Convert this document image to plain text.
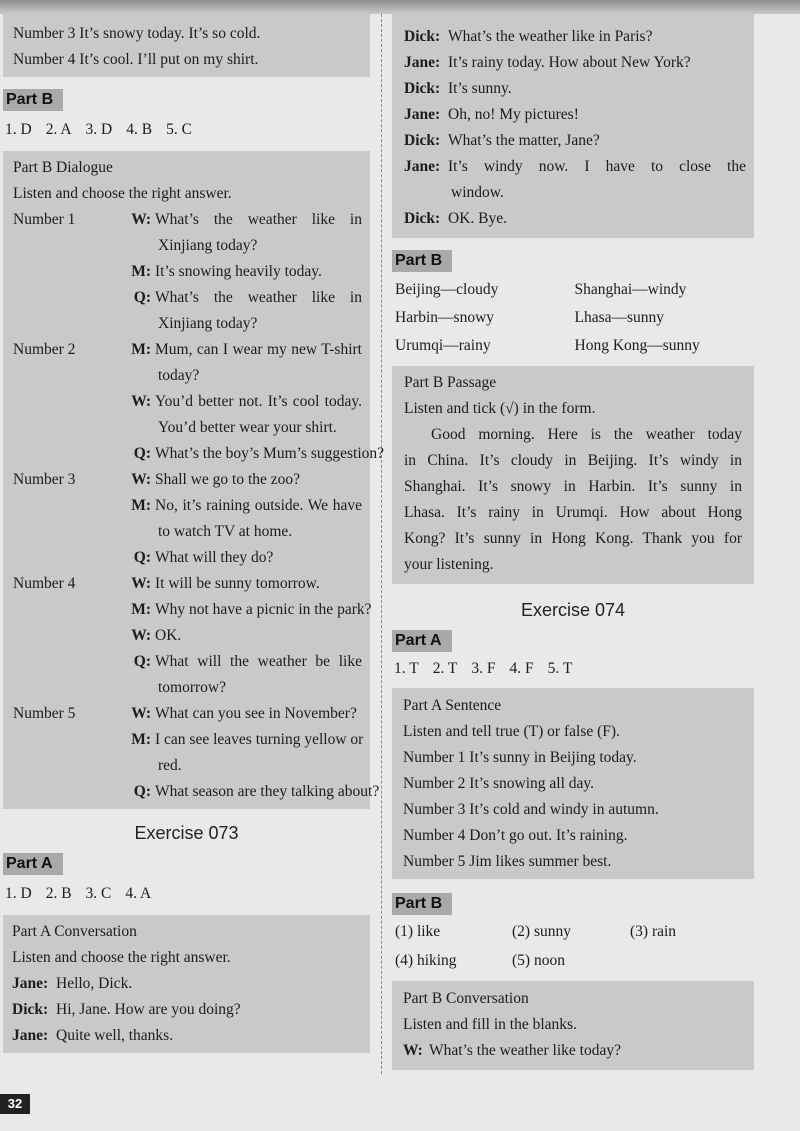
Number 3 It’s snowy today. It’s so cold.
Number 4 It’s cool. I’ll put on my shirt.
Part B
1. D 2. A 3. D 4. B 5. C
Part B Dialogue
Listen and choose the right answer.
Number 1	W: What’s the weather like in
Xinjiang today?
M: It’s snowing heavily today.
Q: What’s the weather like in
Xinjiang today?
Number 2	M: Mum, can I wear my new T-shirt
today?
W: You’d better not. It’s cool today.
You’d better wear your shirt.
Q: What’s the boy’s Mum’s suggestion?
Number 3	W: Shall we go to the zoo?
M: No, it’s raining outside. We have
to watch TV at home.
Q: What will they do?
Number 4	W: It will be sunny tomorrow.
M: Why not have a picnic in the park?
W: OK.
Q: What will the weather be like
tomorrow?
Number 5	W: What can you see in November?
M: I can see leaves turning yellow or
red.
Q: What season are they talking about?
Exercise 073
Part A
1. D 2. B 3. C 4. A
Part A Conversation
Listen and choose the right answer.
Jane: Hello, Dick.
Dick: Hi, Jane. How are you doing?
Jane: Quite well, thanks.
Dick: What’s the weather like in Paris?
Jane: It’s rainy today. How about New York?
Dick: It’s sunny.
Jane: Oh, no! My pictures!
Dick: What’s the matter, Jane?
Jane: It’s windy now. I have to close the
window.
Dick: OK. Bye.
Part B
Beijing—cloudy	Shanghai—windy
Harbin—snowy	Lhasa—sunny
Urumqi—rainy	Hong Kong—sunny
Part B Passage
Listen and tick (√) in the form.
Good morning. Here is the weather today
in China. It’s cloudy in Beijing. It’s windy in
Shanghai. It’s snowy in Harbin. It’s sunny in
Lhasa. It’s rainy in Urumqi. How about Hong
Kong? It’s sunny in Hong Kong. Thank you for
your listening.
Exercise 074
Part A
1. T 2. T 3. F 4. F 5. T
Part A Sentence
Listen and tell true (T) or false (F).
Number 1 It’s sunny in Beijing today.
Number 2 It’s snowing all day.
Number 3 It’s cold and windy in autumn.
Number 4 Don’t go out. It’s raining.
Number 5 Jim likes summer best.
Part B
(1) like	(2) sunny	(3) rain
(4) hiking	(5) noon
Part B Conversation
Listen and fill in the blanks.
W: What’s the weather like today?
32
